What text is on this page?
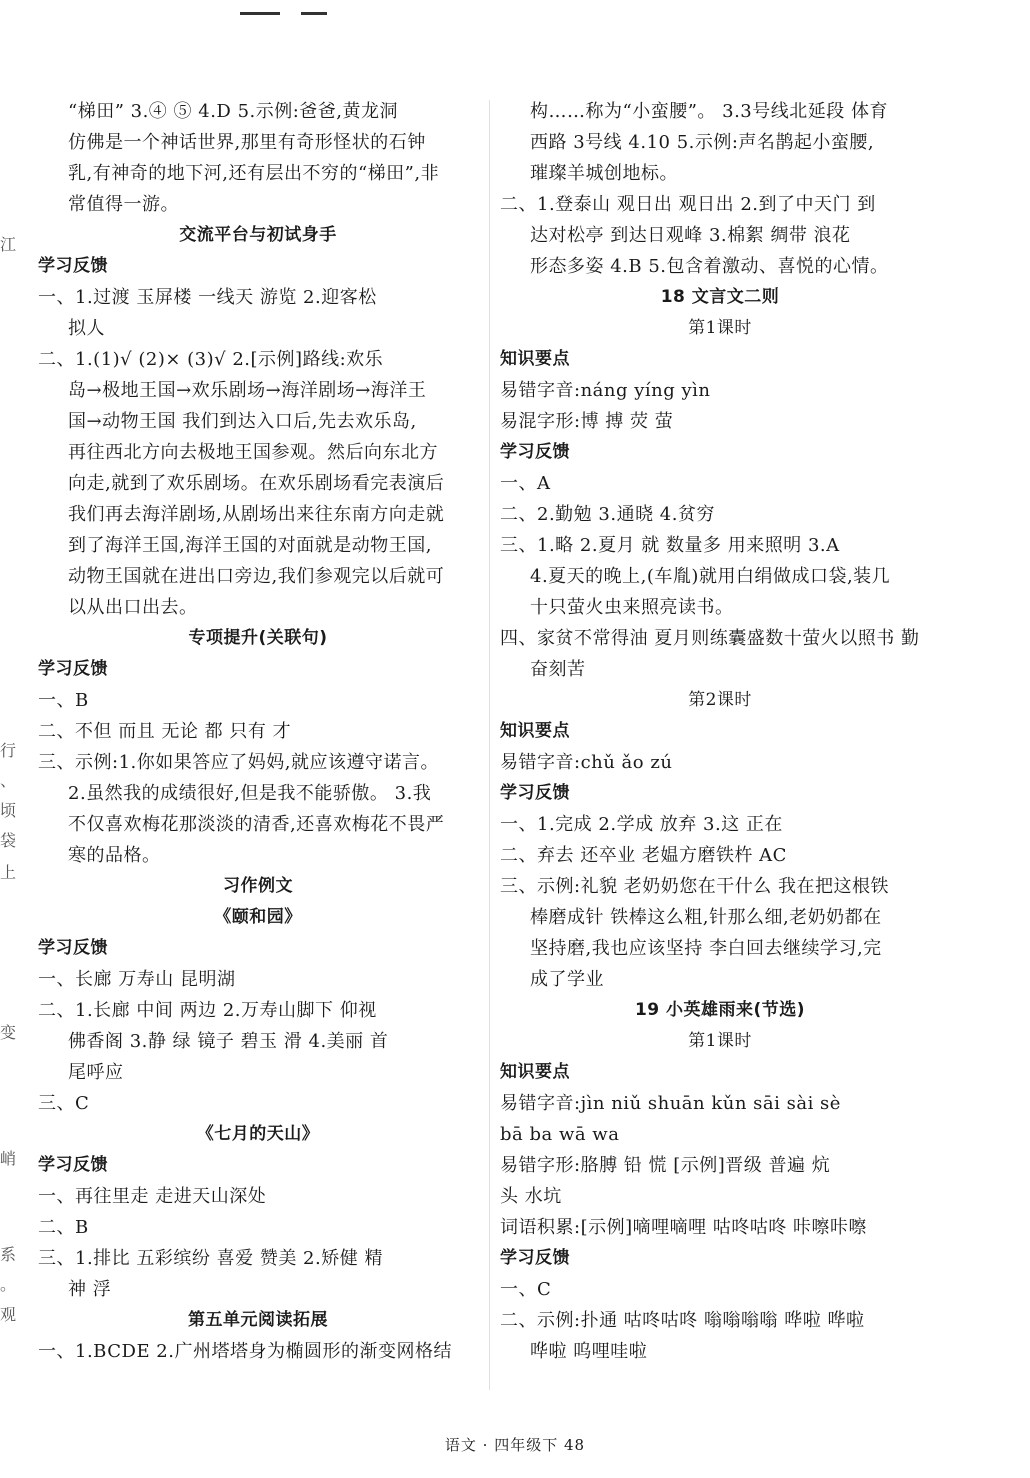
江
行
、
顷
袋
上
变
峭
系
。
观
“梯田” 3.④ ⑤ 4.D 5.示例:爸爸,黄龙洞
仿佛是一个神话世界,那里有奇形怪状的石钟
乳,有神奇的地下河,还有层出不穷的“梯田”,非
常值得一游。
交流平台与初试身手
学习反馈
一、1.过渡 玉屏楼 一线天 游览 2.迎客松
拟人
二、1.(1)√ (2)× (3)√ 2.[示例]路线:欢乐
岛→极地王国→欢乐剧场→海洋剧场→海洋王
国→动物王国 我们到达入口后,先去欢乐岛,
再往西北方向去极地王国参观。然后向东北方
向走,就到了欢乐剧场。在欢乐剧场看完表演后
我们再去海洋剧场,从剧场出来往东南方向走就
到了海洋王国,海洋王国的对面就是动物王国,
动物王国就在进出口旁边,我们参观完以后就可
以从出口出去。
专项提升(关联句)
学习反馈
一、B
二、不但 而且 无论 都 只有 才
三、示例:1.你如果答应了妈妈,就应该遵守诺言。
2.虽然我的成绩很好,但是我不能骄傲。 3.我
不仅喜欢梅花那淡淡的清香,还喜欢梅花不畏严
寒的品格。
习作例文
《颐和园》
学习反馈
一、长廊 万寿山 昆明湖
二、1.长廊 中间 两边 2.万寿山脚下 仰视
佛香阁 3.静 绿 镜子 碧玉 滑 4.美丽 首
尾呼应
三、C
《七月的天山》
学习反馈
一、再往里走 走进天山深处
二、B
三、1.排比 五彩缤纷 喜爱 赞美 2.矫健 精
神 浮
第五单元阅读拓展
一、1.BCDE 2.广州塔塔身为椭圆形的渐变网格结
构……称为“小蛮腰”。 3.3号线北延段 体育
西路 3号线 4.10 5.示例:声名鹊起小蛮腰,
璀璨羊城创地标。
二、1.登泰山 观日出 观日出 2.到了中天门 到
达对松亭 到达日观峰 3.棉絮 绸带 浪花
形态多姿 4.B 5.包含着激动、喜悦的心情。
18 文言文二则
第1课时
知识要点
易错字音:náng yíng yìn
易混字形:博 搏 荧 萤
学习反馈
一、A
二、2.勤勉 3.通晓 4.贫穷
三、1.略 2.夏月 就 数量多 用来照明 3.A
4.夏天的晚上,(车胤)就用白绢做成口袋,装几
十只萤火虫来照亮读书。
四、家贫不常得油 夏月则练囊盛数十萤火以照书 勤
奋刻苦
第2课时
知识要点
易错字音:chǔ ǎo zú
学习反馈
一、1.完成 2.学成 放弃 3.这 正在
二、弃去 还卒业 老媪方磨铁杵 AC
三、示例:礼貌 老奶奶您在干什么 我在把这根铁
棒磨成针 铁棒这么粗,针那么细,老奶奶都在
坚持磨,我也应该坚持 李白回去继续学习,完
成了学业
19 小英雄雨来(节选)
第1课时
知识要点
易错字音:jìn niǔ shuān kǔn sāi sài sè
bā ba wā wa
易错字形:胳膊 铅 慌 [示例]晋级 普遍 炕
头 水坑
词语积累:[示例]嘀哩嘀哩 咕咚咕咚 咔嚓咔嚓
学习反馈
一、C
二、示例:扑通 咕咚咕咚 嗡嗡嗡嗡 哗啦 哗啦
哗啦 呜哩哇啦
语文 · 四年级下 48
